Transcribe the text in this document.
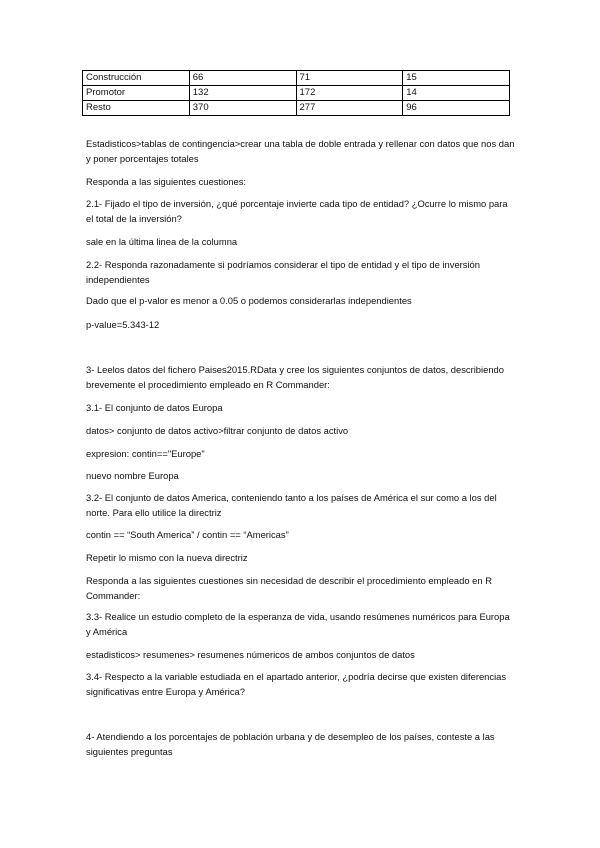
Construcción	66	71	15
Promotor	132	172	14
Resto	370	277	96

Estadisticos>tablas de contingencia>crear una tabla de doble entrada y rellenar con datos que nos dan y poner porcentajes totales

Responda a las siguientes cuestiones:

2.1- Fijado el tipo de inversión, ¿qué porcentaje invierte cada tipo de entidad? ¿Ocurre lo mismo para el total de la inversión?

sale en la última linea de la columna

2.2- Responda razonadamente si podríamos considerar el tipo de entidad y el tipo de inversión independientes

Dado que el p-valor es menor a 0.05 o podemos considerarlas independientes

p-value=5.343-12

3- Leelos datos del fichero Paises2015.RData y cree los siguientes conjuntos de datos, describiendo brevemente el procedimiento empleado en R Commander:

3.1- El conjunto de datos Europa

datos> conjunto de datos activo>filtrar conjunto de datos activo

expresion: contin=="Europe"

nuevo nombre Europa

3.2- El conjunto de datos America, conteniendo tanto a los países de América el sur como a los del norte. Para ello utilice la directriz

contin == “South America” / contin == “Americas”

Repetir lo mismo con la nueva directriz

Responda a las siguientes cuestiones sin necesidad de describir el procedimiento empleado en R Commander:

3.3- Realice un estudio completo de la esperanza de vida, usando resúmenes numéricos para Europa y América

estadisticos> resumenes> resumenes númericos de ambos conjuntos de datos

3.4- Respecto a la variable estudiada en el apartado anterior, ¿podría decirse que existen diferencias significativas entre Europa y América?

4- Atendiendo a los porcentajes de población urbana y de desempleo de los países, conteste a las siguientes preguntas
